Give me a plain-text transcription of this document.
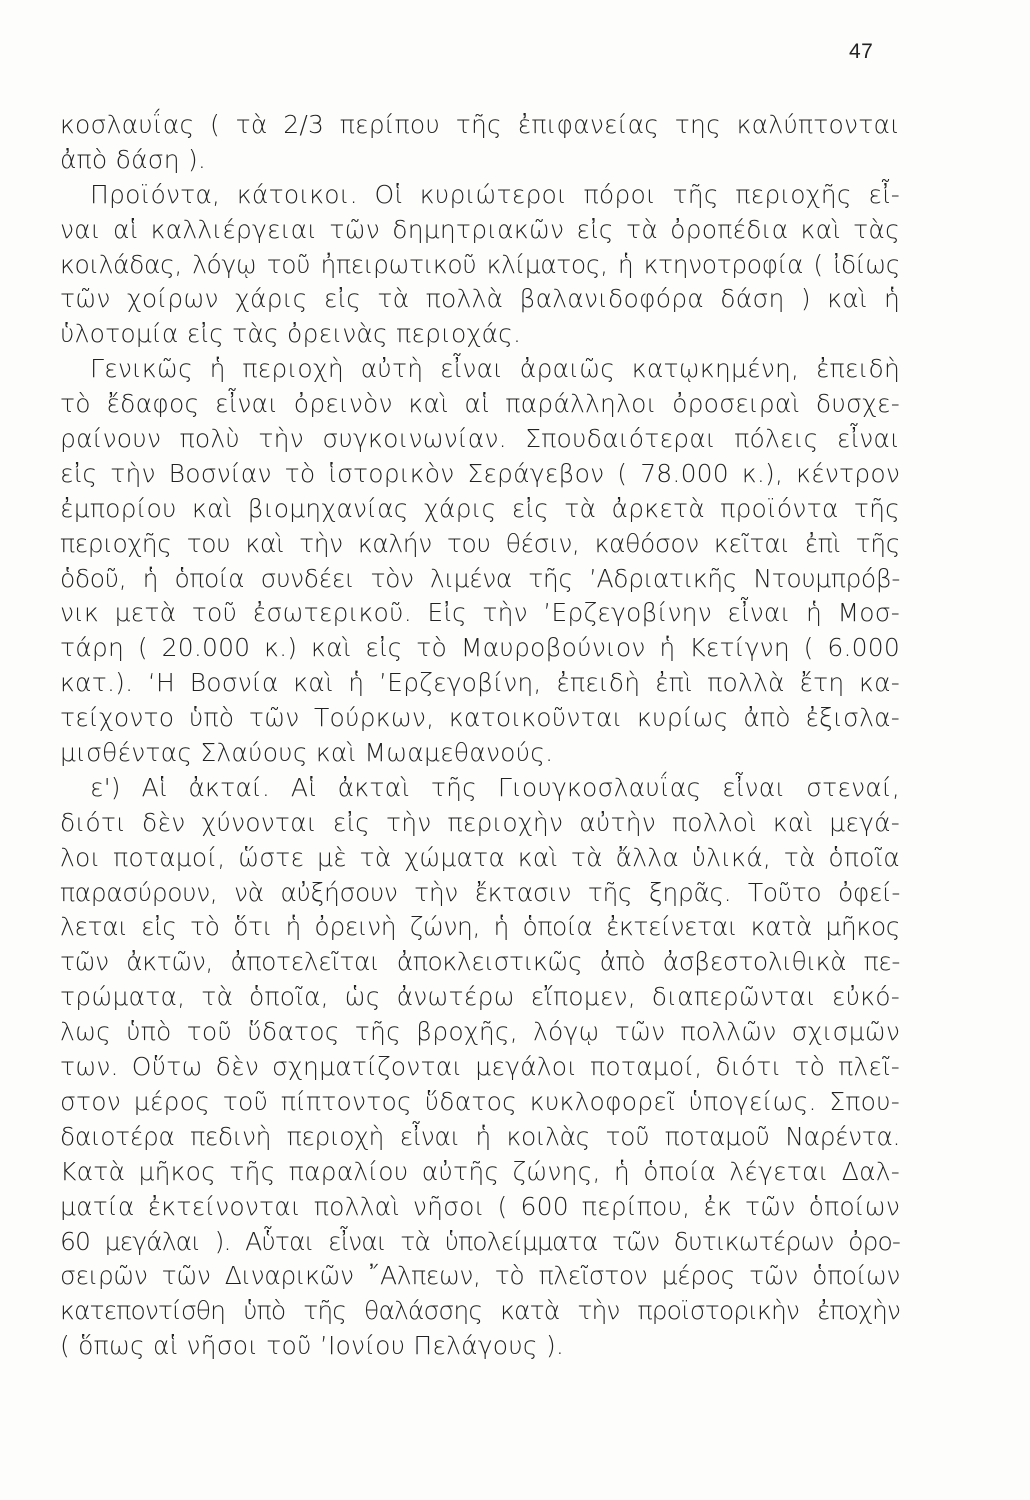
47
κοσλαυΐας ( τὰ 2/3 περίπου τῆς ἐπιφανείας της καλύπτονται
ἀπὸ δάση ).
Προϊόντα, κάτοικοι. Οἱ κυριώτεροι πόροι τῆς περιοχῆς εἶ-
ναι αἱ καλλιέργειαι τῶν δημητριακῶν εἰς τὰ ὀροπέδια καὶ τὰς
κοιλάδας, λόγῳ τοῦ ἠπειρωτικοῦ κλίματος, ἡ κτηνοτροφία ( ἰδίως
τῶν χοίρων χάρις εἰς τὰ πολλὰ βαλανιδοφόρα δάση ) καὶ ἡ
ὑλοτομία εἰς τὰς ὀρεινὰς περιοχάς.
Γενικῶς ἡ περιοχὴ αὐτὴ εἶναι ἀραιῶς κατῳκημένη, ἐπειδὴ
τὸ ἔδαφος εἶναι ὀρεινὸν καὶ αἱ παράλληλοι ὀροσειραὶ δυσχε-
ραίνουν πολὺ τὴν συγκοινωνίαν. Σπουδαιότεραι πόλεις εἶναι
εἰς τὴν Βοσνίαν τὸ ἱστορικὸν Σεράγεβον ( 78.000 κ.), κέντρον
ἐμπορίου καὶ βιομηχανίας χάρις εἰς τὰ ἀρκετὰ προϊόντα τῆς
περιοχῆς του καὶ τὴν καλήν του θέσιν, καθόσον κεῖται ἐπὶ τῆς
ὁδοῦ, ἡ ὁποία συνδέει τὸν λιμένα τῆς ’Αδριατικῆς Ντουμπρόβ-
νικ μετὰ τοῦ ἐσωτερικοῦ. Εἰς τὴν ’Ερζεγοβίνην εἶναι ἡ Μοσ-
τάρη ( 20.000 κ.) καὶ εἰς τὸ Μαυροβούνιον ἡ Κετίγνη ( 6.000
κατ.). ‘Η Βοσνία καὶ ἡ ’Ερζεγοβίνη, ἐπειδὴ ἐπὶ πολλὰ ἔτη κα-
τείχοντο ὑπὸ τῶν Τούρκων, κατοικοῦνται κυρίως ἀπὸ ἐξισλα-
μισθέντας Σλαύους καὶ Μωαμεθανούς.
ε') Αἱ ἀκταί. Αἱ ἀκταὶ τῆς Γιουγκοσλαυΐας εἶναι στεναί,
διότι δὲν χύνονται εἰς τὴν περιοχὴν αὐτὴν πολλοὶ καὶ μεγά-
λοι ποταμοί, ὥστε μὲ τὰ χώματα καὶ τὰ ἄλλα ὑλικά, τὰ ὁποῖα
παρασύρουν, νὰ αὐξήσουν τὴν ἔκτασιν τῆς ξηρᾶς. Τοῦτο ὀφεί-
λεται εἰς τὸ ὅτι ἡ ὀρεινὴ ζώνη, ἡ ὁποία ἐκτείνεται κατὰ μῆκος
τῶν ἀκτῶν, ἀποτελεῖται ἀποκλειστικῶς ἀπὸ ἀσβεστολιθικὰ πε-
τρώματα, τὰ ὁποῖα, ὡς ἀνωτέρω εἴπομεν, διαπερῶνται εὐκό-
λως ὑπὸ τοῦ ὕδατος τῆς βροχῆς, λόγῳ τῶν πολλῶν σχισμῶν
των. Οὕτω δὲν σχηματίζονται μεγάλοι ποταμοί, διότι τὸ πλεῖ-
στον μέρος τοῦ πίπτοντος ὕδατος κυκλοφορεῖ ὑπογείως. Σπου-
δαιοτέρα πεδινὴ περιοχὴ εἶναι ἡ κοιλὰς τοῦ ποταμοῦ Ναρέντα.
Κατὰ μῆκος τῆς παραλίου αὐτῆς ζώνης, ἡ ὁποία λέγεται Δαλ-
ματία ἐκτείνονται πολλαὶ νῆσοι ( 600 περίπου, ἐκ τῶν ὁποίων
60 μεγάλαι ). Αὗται εἶναι τὰ ὑπολείμματα τῶν δυτικωτέρων ὀρο-
σειρῶν τῶν Διναρικῶν ῎Αλπεων, τὸ πλεῖστον μέρος τῶν ὁποίων
κατεποντίσθη ὑπὸ τῆς θαλάσσης κατὰ τὴν προϊστορικὴν ἐποχὴν
( ὅπως αἱ νῆσοι τοῦ ’Ιονίου Πελάγους ).
